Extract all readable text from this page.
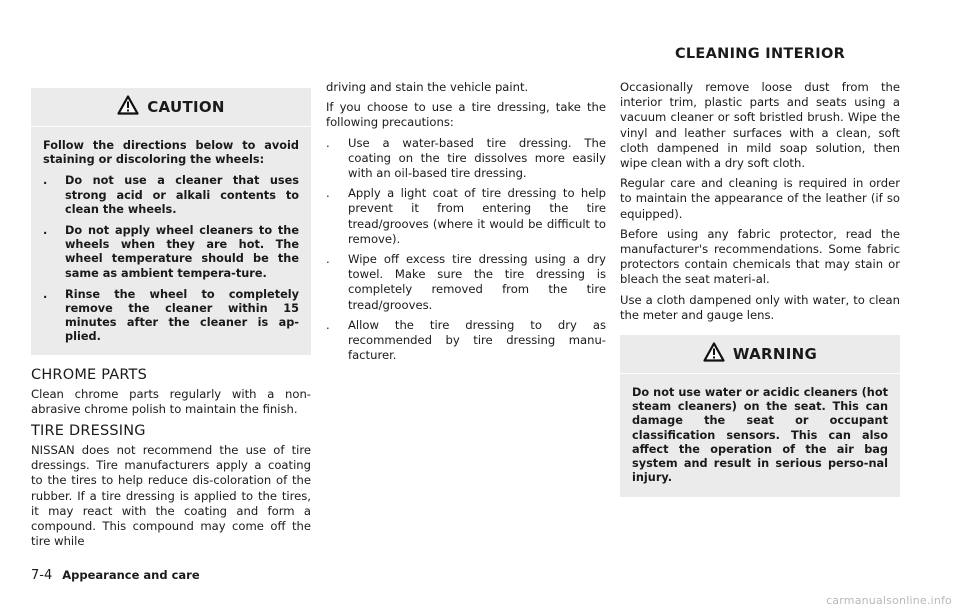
CLEANING INTERIOR
CAUTION

Follow the directions below to avoid staining or discoloring the wheels:

.	Do not use a cleaner that uses strong acid or alkali contents to clean the wheels.
.	Do not apply wheel cleaners to the wheels when they are hot. The wheel temperature should be the same as ambient tempera-ture.
.	Rinse the wheel to completely remove the cleaner within 15 minutes after the cleaner is ap-plied.
CHROME PARTS

Clean chrome parts regularly with a non-abrasive chrome polish to maintain the finish.

TIRE DRESSING

NISSAN does not recommend the use of tire dressings. Tire manufacturers apply a coating to the tires to help reduce dis-coloration of the rubber. If a tire dressing is applied to the tires, it may react with the coating and form a compound. This compound may come off the tire while

driving and stain the vehicle paint.

If you choose to use a tire dressing, take the following precautions:

.	Use a water-based tire dressing. The coating on the tire dissolves more easily with an oil-based tire dressing.
.	Apply a light coat of tire dressing to help prevent it from entering the tire tread/grooves (where it would be difficult to remove).
.	Wipe off excess tire dressing using a dry towel. Make sure the tire dressing is completely removed from the tire tread/grooves.
.	Allow the tire dressing to dry as recommended by tire dressing manu-facturer.

Occasionally remove loose dust from the interior trim, plastic parts and seats using a vacuum cleaner or soft bristled brush. Wipe the vinyl and leather surfaces with a clean, soft cloth dampened in mild soap solution, then wipe clean with a dry soft cloth.

Regular care and cleaning is required in order to maintain the appearance of the leather (if so equipped).

Before using any fabric protector, read the manufacturer's recommendations. Some fabric protectors contain chemicals that may stain or bleach the seat materi-al.

Use a cloth dampened only with water, to clean the meter and gauge lens.

WARNING

Do not use water or acidic cleaners (hot steam cleaners) on the seat. This can damage the seat or occupant classification sensors. This can also affect the operation of the air bag system and result in serious perso-nal injury.

7-4 Appearance and care
carmanualsonline.info
